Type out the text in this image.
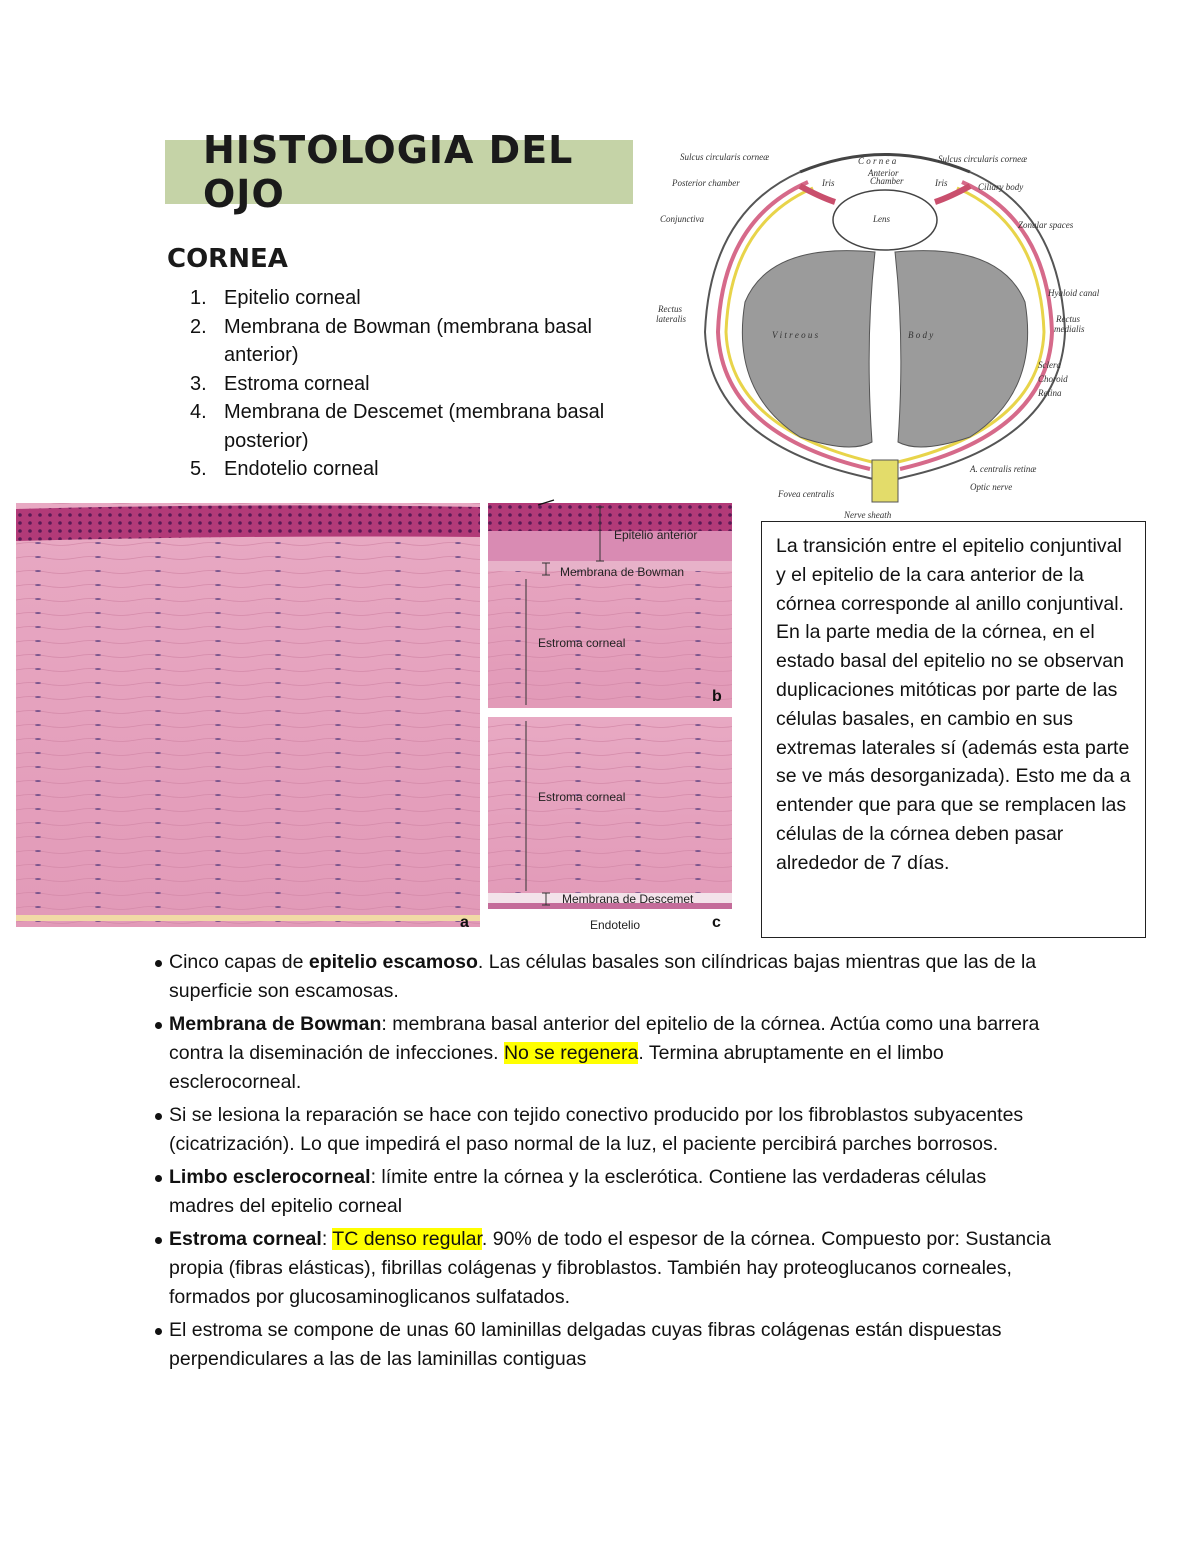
HISTOLOGIA DEL OJO
CORNEA
1. Epitelio corneal
2. Membrana de Bowman (membrana basal anterior)
3. Estroma corneal
4. Membrana de Descemet (membrana basal posterior)
5. Endotelio corneal
Sulcus circularis corneæ	Sulcus circularis corneæ
C o r n e a
Anterior
Chamber
Posterior chamber	Iris	Iris	Ciliary body
Conjunctiva	Lens
Zonular spaces
Hyaloid canal
Rectus
lateralis	Rectus
medialis
V i t r e o u s	B o d y
Sclera
Choroid
Retina
Fovea centralis
A. centralis retinæ
Optic nerve
Nerve sheath
a
Epitelio anterior
Membrana de Bowman
Estroma corneal
b
Estroma corneal
Membrana de Descemet
Endotelio	c

La transición entre el epitelio conjuntival y el epitelio de la cara anterior de la córnea corresponde al anillo conjuntival.

En la parte media de la córnea, en el estado basal del epitelio no se observan duplicaciones mitóticas por parte de las células basales, en cambio en sus extremas laterales sí (además esta parte se ve más desorganizada). Esto me da a entender que para que se remplacen las células de la córnea deben pasar alrededor de 7 días.

Cinco capas de epitelio escamoso. Las células basales son cilíndricas bajas mientras que las de la superficie son escamosas.
Membrana de Bowman: membrana basal anterior del epitelio de la córnea. Actúa como una barrera contra la diseminación de infecciones. No se regenera. Termina abruptamente en el limbo esclerocorneal.
Si se lesiona la reparación se hace con tejido conectivo producido por los fibroblastos subyacentes (cicatrización). Lo que impedirá el paso normal de la luz, el paciente percibirá parches borrosos.
Limbo esclerocorneal: límite entre la córnea y la esclerótica. Contiene las verdaderas células madres del epitelio corneal
Estroma corneal: TC denso regular. 90% de todo el espesor de la córnea. Compuesto por: Sustancia propia (fibras elásticas), fibrillas colágenas y fibroblastos. También hay proteoglucanos corneales, formados por glucosaminoglicanos sulfatados.
El estroma se compone de unas 60 laminillas delgadas cuyas fibras colágenas están dispuestas perpendiculares a las de las laminillas contiguas
